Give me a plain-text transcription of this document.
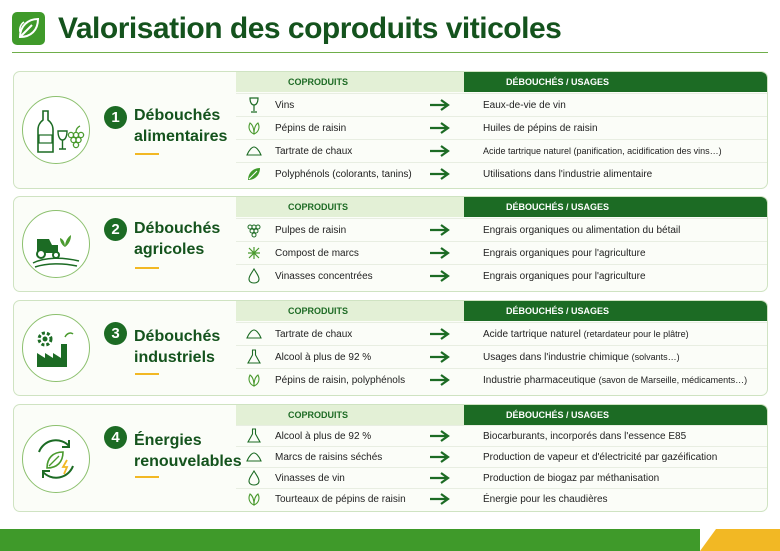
Valorisation des coproduits viticoles
1 Débouchés
alimentaires
COPRODUITS	DÉBOUCHÉS / USAGES
Vins	Eaux-de-vie de vin
Pépins de raisin	Huiles de pépins de raisin
Tartrate de chaux	Acide tartrique naturel (panification, acidification des vins…)
Polyphénols (colorants, tanins)	Utilisations dans l'industrie alimentaire
2 Débouchés
agricoles
COPRODUITS	DÉBOUCHÉS / USAGES
Pulpes de raisin	Engrais organiques ou alimentation du bétail
Compost de marcs	Engrais organiques pour l'agriculture
Vinasses concentrées	Engrais organiques pour l'agriculture
3 Débouchés
industriels
COPRODUITS	DÉBOUCHÉS / USAGES
Tartrate de chaux	Acide tartrique naturel (retardateur pour le plâtre)
Alcool à plus de 92 %	Usages dans l'industrie chimique (solvants…)
Pépins de raisin, polyphénols	Industrie pharmaceutique (savon de Marseille, médicaments…)
4 Énergies
renouvelables
COPRODUITS	DÉBOUCHÉS / USAGES
Alcool à plus de 92 %	Biocarburants, incorporés dans l'essence E85
Marcs de raisins séchés	Production de vapeur et d'électricité par gazéification
Vinasses de vin	Production de biogaz par méthanisation
Tourteaux de pépins de raisin	Énergie pour les chaudières
